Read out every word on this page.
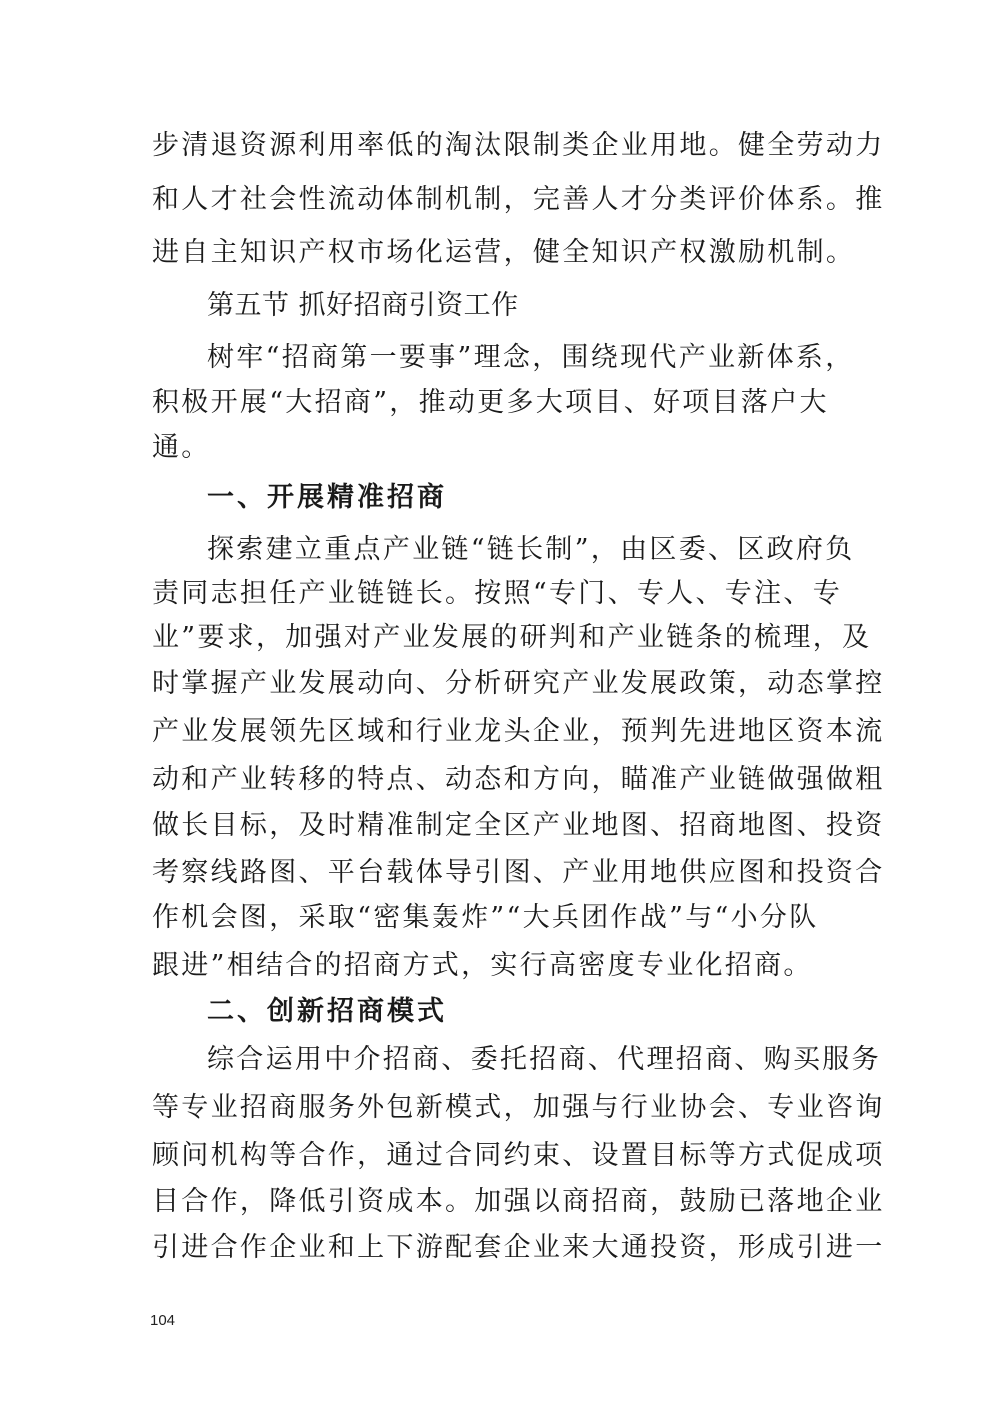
步清退资源利用率低的淘汰限制类企业用地。健全劳动力
和人才社会性流动体制机制，完善人才分类评价体系。推
进自主知识产权市场化运营，健全知识产权激励机制。
第五节 抓好招商引资工作
树牢“招商第一要事”理念，围绕现代产业新体系，
积极开展“大招商”，推动更多大项目、好项目落户大
通。
一、开展精准招商
探索建立重点产业链“链长制”，由区委、区政府负
责同志担任产业链链长。按照“专门、专人、专注、专
业”要求，加强对产业发展的研判和产业链条的梳理，及
时掌握产业发展动向、分析研究产业发展政策，动态掌控
产业发展领先区域和行业龙头企业，预判先进地区资本流
动和产业转移的特点、动态和方向，瞄准产业链做强做粗
做长目标，及时精准制定全区产业地图、招商地图、投资
考察线路图、平台载体导引图、产业用地供应图和投资合
作机会图，采取“密集轰炸”“大兵团作战”与“小分队
跟进”相结合的招商方式，实行高密度专业化招商。
二、创新招商模式
综合运用中介招商、委托招商、代理招商、购买服务
等专业招商服务外包新模式，加强与行业协会、专业咨询
顾问机构等合作，通过合同约束、设置目标等方式促成项
目合作，降低引资成本。加强以商招商，鼓励已落地企业
引进合作企业和上下游配套企业来大通投资，形成引进一
104
